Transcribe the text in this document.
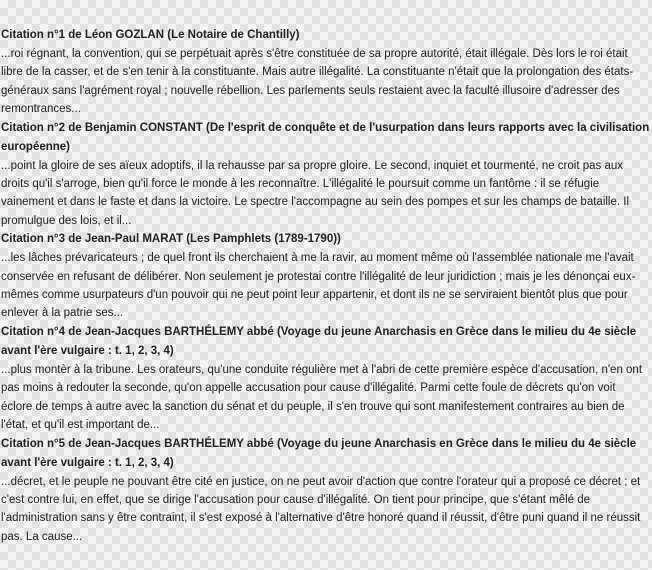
Citation n°1 de Léon GOZLAN (Le Notaire de Chantilly)

...roi régnant, la convention, qui se perpétuait après s'être constituée de sa propre autorité, était illégale. Dès lors le roi était libre de la casser, et de s'en tenir à la constituante. Mais autre illégalité. La constituante n'était que la prolongation des états-généraux sans l'agrément royal ; nouvelle rébellion. Les parlements seuls restaient avec la faculté illusoire d'adresser des remontrances...

Citation n°2 de Benjamin CONSTANT (De l'esprit de conquête et de l'usurpation dans leurs rapports avec la civilisation européenne)

...point la gloire de ses aïeux adoptifs, il la rehausse par sa propre gloire. Le second, inquiet et tourmenté, ne croit pas aux droits qu'il s'arroge, bien qu'il force le monde à les reconnaître. L'illégalité le poursuit comme un fantôme : il se réfugie vainement et dans le faste et dans la victoire. Le spectre l'accompagne au sein des pompes et sur les champs de bataille. Il promulgue des lois, et il...

Citation n°3 de Jean-Paul MARAT (Les Pamphlets (1789-1790))

...les lâches prévaricateurs ; de quel front ils cherchaient à me la ravir, au moment même où l'assemblée nationale me l'avait conservée en refusant de délibérer. Non seulement je protestai contre l'illégalité de leur juridiction ; mais je les dénonçai eux-mêmes comme usurpateurs d'un pouvoir qui ne peut point leur appartenir, et dont ils ne se serviraient bientôt plus que pour enlever à la patrie ses...

Citation n°4 de Jean-Jacques BARTHÉLEMY abbé (Voyage du jeune Anarchasis en Grèce dans le milieu du 4e siècle avant l'ère vulgaire : t. 1, 2, 3, 4)

...plus montèr à la tribune. Les orateurs, qu'une conduite régulière met à l'abri de cette première espèce d'accusation, n'en ont pas moins à redouter la seconde, qu'on appelle accusation pour cause d'illégalité. Parmi cette foule de décrets qu'on voit éclore de temps à autre avec la sanction du sénat et du peuple, il s'en trouve qui sont manifestement contraires au bien de l'état, et qu'il est important de...

Citation n°5 de Jean-Jacques BARTHÉLEMY abbé (Voyage du jeune Anarchasis en Grèce dans le milieu du 4e siècle avant l'ère vulgaire : t. 1, 2, 3, 4)

...décret, et le peuple ne pouvant être cité en justice, on ne peut avoir d'action que contre l'orateur qui a proposé ce décret ; et c'est contre lui, en effet, que se dirige l'accusation pour cause d'illégalité. On tient pour principe, que s'étant mêlé de l'administration sans y être contraint, il s'est exposé à l'alternative d'être honoré quand il réussit, d'être puni quand il ne réussit pas. La cause...
